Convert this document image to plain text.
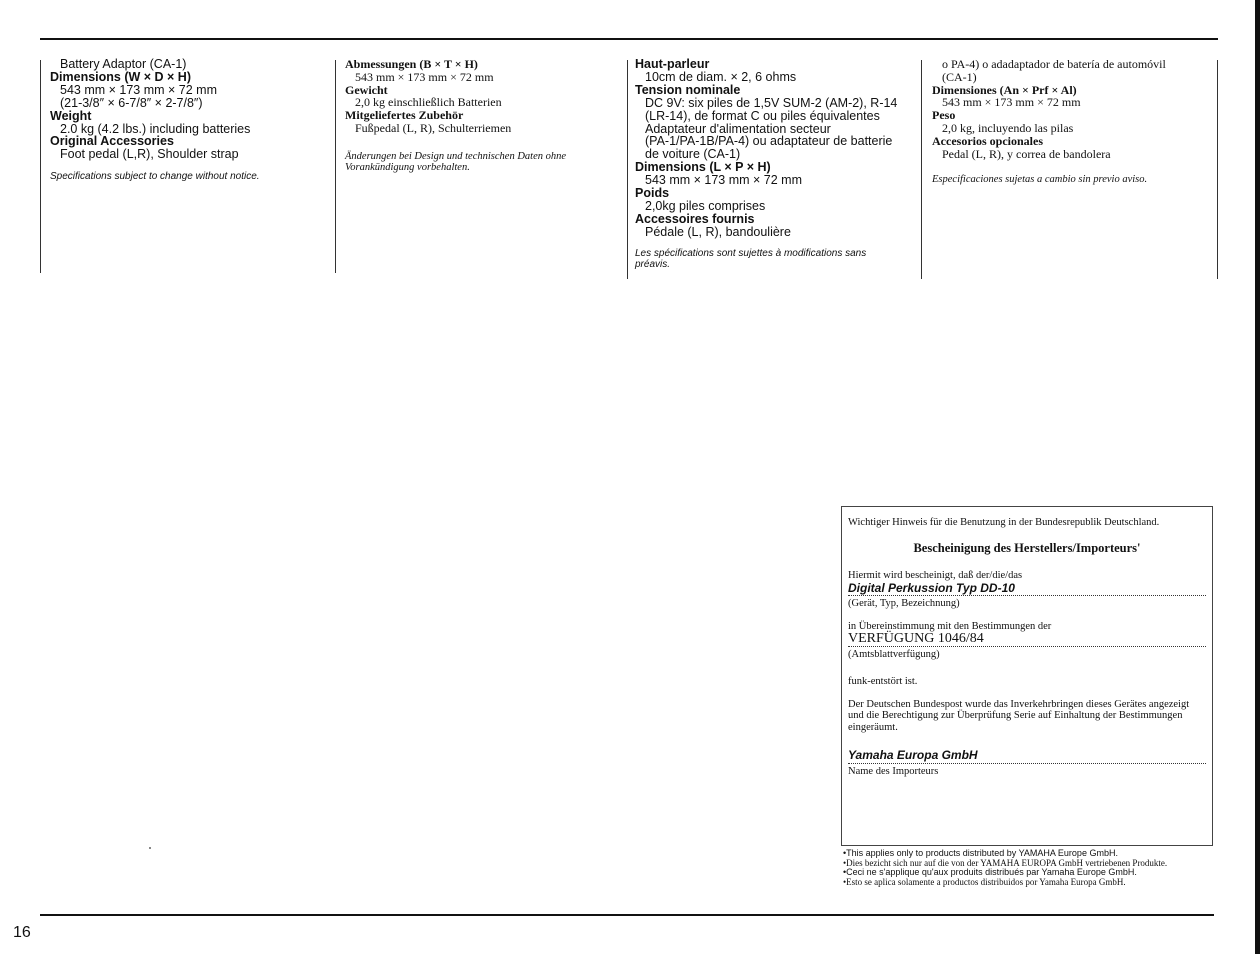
Battery Adaptor (CA-1)
Dimensions (W × D × H)
543 mm × 173 mm × 72 mm
(21-3/8″ × 6-7/8″ × 2-7/8″)
Weight
2.0 kg (4.2 lbs.) including batteries
Original Accessories
Foot pedal (L,R), Shoulder strap
Specifications subject to change without notice.
Abmessungen (B × T × H)
543 mm × 173 mm × 72 mm
Gewicht
2,0 kg einschließlich Batterien
Mitgeliefertes Zubehör
Fußpedal (L, R), Schulterriemen
Änderungen bei Design und technischen Daten ohne Vorankündigung vorbehalten.
Haut-parleur
10cm de diam. × 2, 6 ohms
Tension nominale
DC 9V: six piles de 1,5V SUM-2 (AM-2), R-14
(LR-14), de format C ou piles équivalentes
Adaptateur d'alimentation secteur
(PA-1/PA-1B/PA-4) ou adaptateur de batterie
de voiture (CA-1)
Dimensions (L × P × H)
543 mm × 173 mm × 72 mm
Poids
2,0kg piles comprises
Accessoires fournis
Pédale (L, R), bandoulière
Les spécifications sont sujettes à modifications sans préavis.
o PA-4) o adadaptador de batería de automóvil
(CA-1)
Dimensiones (An × Prf × Al)
543 mm × 173 mm × 72 mm
Peso
2,0 kg, incluyendo las pilas
Accesorios opcionales
Pedal (L, R), y correa de bandolera
Especificaciones sujetas a cambio sin previo aviso.
Wichtiger Hinweis für die Benutzung in der Bundesrepublik Deutschland.
Bescheinigung des Herstellers/Importeurs'
Hiermit wird bescheinigt, daß der/die/das
Digital Perkussion Typ DD-10
(Gerät, Typ, Bezeichnung)
in Übereinstimmung mit den Bestimmungen der
VERFÜGUNG 1046/84
(Amtsblattverfügung)
funk-entstört ist.
Der Deutschen Bundespost wurde das Inverkehrbringen dieses Gerätes angezeigt und die Berechtigung zur Überprüfung Serie auf Einhaltung der Bestimmungen eingeräumt.
Yamaha Europa GmbH
Name des Importeurs
•This applies only to products distributed by YAMAHA Europe GmbH.
•Dies bezicht sich nur auf die von der YAMAHA EUROPA GmbH vertriebenen Produkte.
•Ceci ne s'applique qu'aux produits distribués par Yamaha Europe GmbH.
•Esto se aplica solamente a productos distribuidos por Yamaha Europa GmbH.
16
